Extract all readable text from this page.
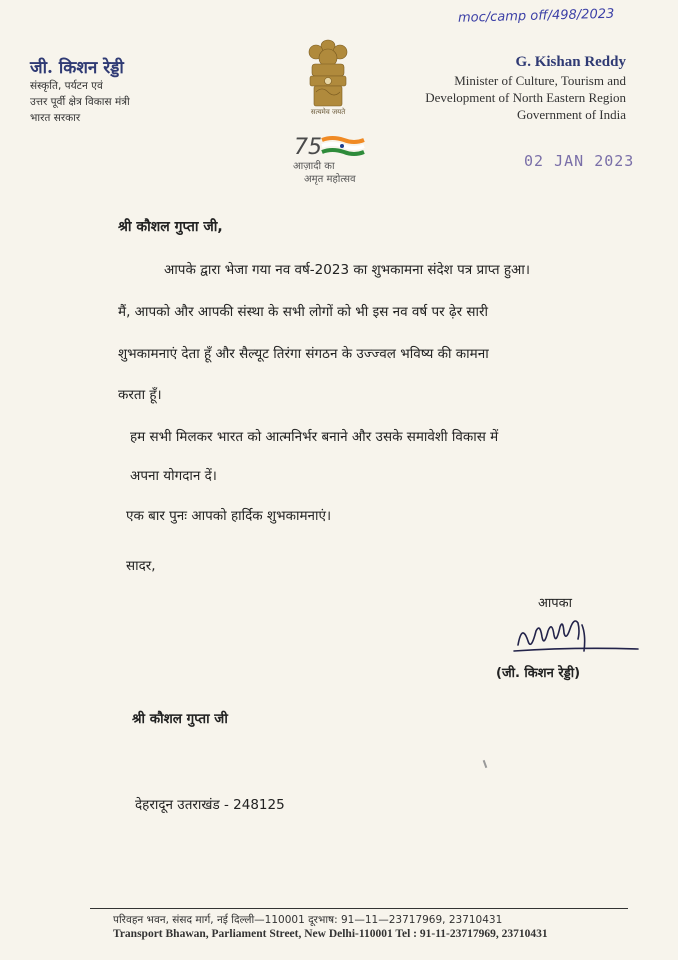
moc/camp off/498/2023
जी. किशन रेड्डी
संस्कृति, पर्यटन एवं
उत्तर पूर्वी क्षेत्र विकास मंत्री
भारत सरकार	सत्यमेव जयते
75
आज़ादी का
अमृत महोत्सव
G. Kishan Reddy
Minister of Culture, Tourism and
Development of North Eastern Region
Government of India
02 JAN 2023
श्री कौशल गुप्ता जी,
आपके द्वारा भेजा गया नव वर्ष-2023 का शुभकामना संदेश पत्र प्राप्त हुआ।
मैं, आपको और आपकी संस्था के सभी लोगों को भी इस नव वर्ष पर ढ़ेर सारी
शुभकामनाएं देता हूँ और सैल्यूट तिरंगा संगठन के उज्ज्वल भविष्य की कामना
करता हूँ।
हम सभी मिलकर भारत को आत्मनिर्भर बनाने और उसके समावेशी विकास में
अपना योगदान दें।
एक बार पुनः आपको हार्दिक शुभकामनाएं।
सादर,
आपका
(जी. किशन रेड्डी)
श्री कौशल गुप्ता जी
देहरादून उतराखंड - 248125
परिवहन भवन, संसद मार्ग, नई दिल्ली—110001 दूरभाष: 91—11—23717969, 23710431
Transport Bhawan, Parliament Street, New Delhi-110001 Tel : 91-11-23717969, 23710431
